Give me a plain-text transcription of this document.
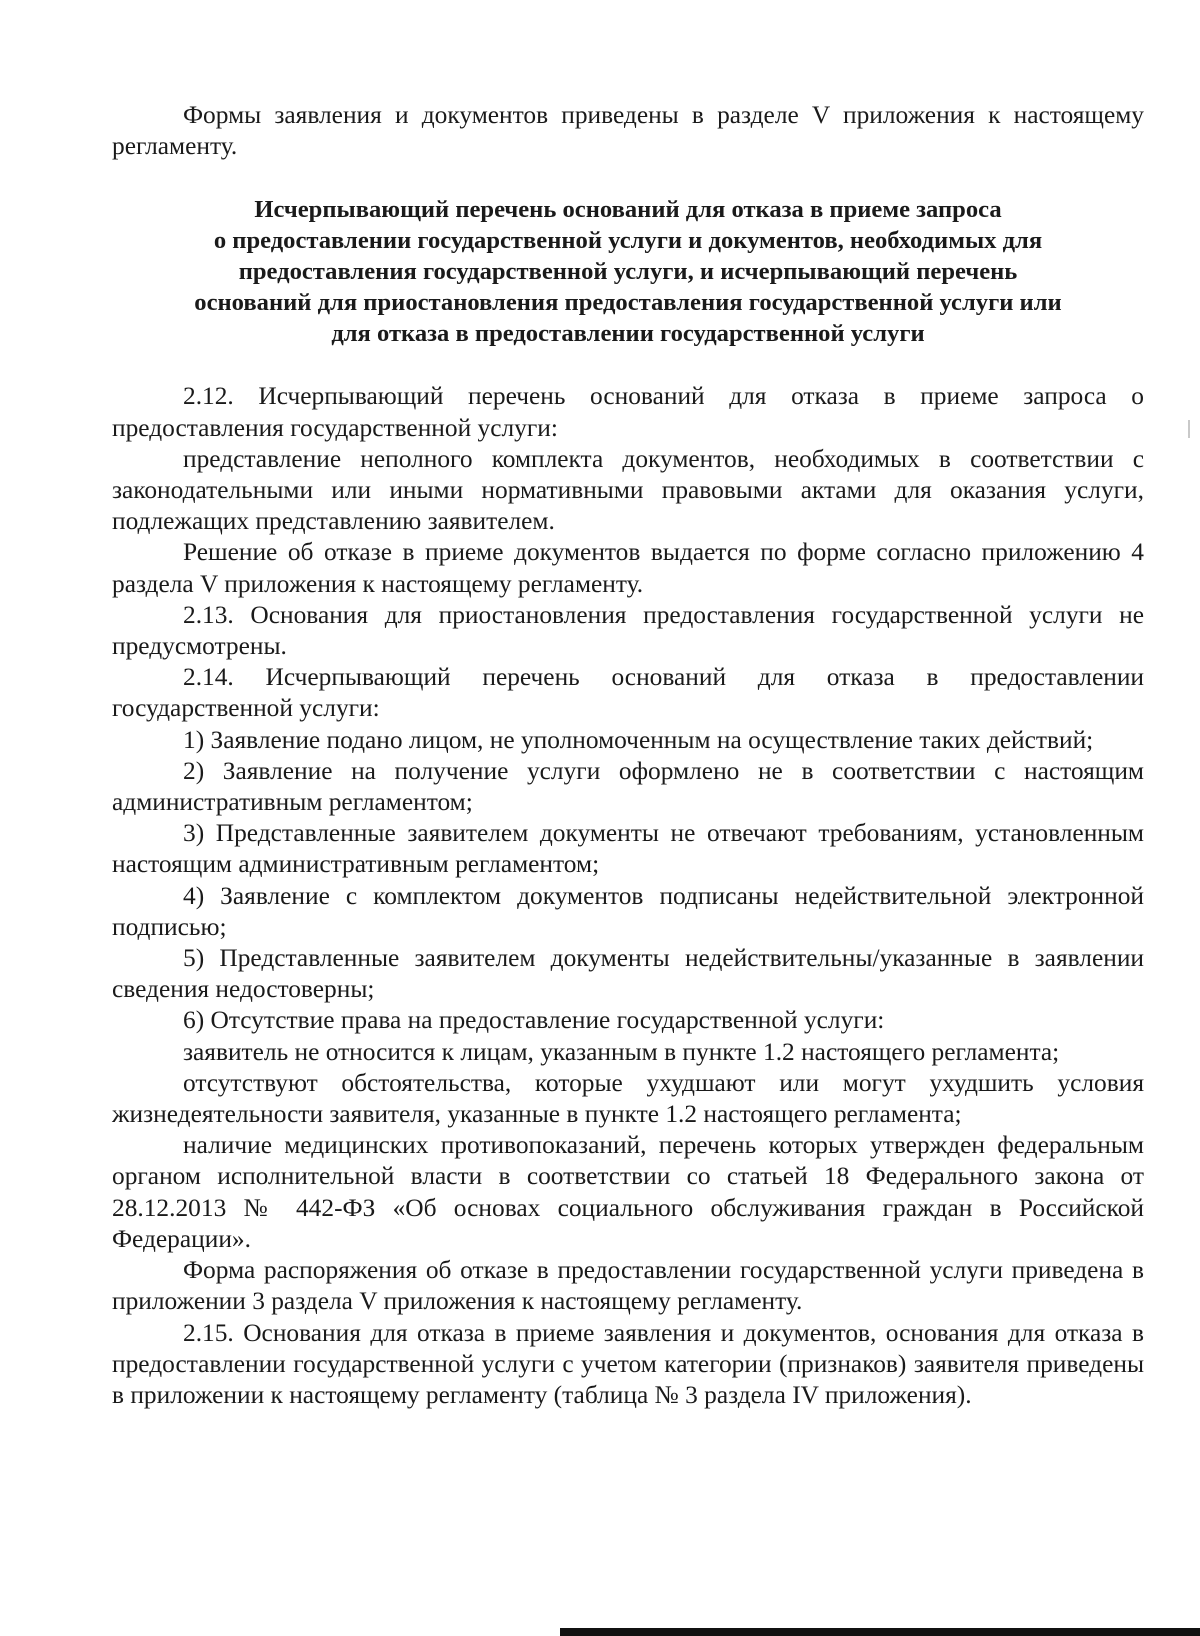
Формы заявления и документов приведены в разделе V приложения к настоящему регламенту.

Исчерпывающий перечень оснований для отказа в приеме запроса

о предоставлении государственной услуги и документов, необходимых для

предоставления государственной услуги, и исчерпывающий перечень

оснований для приостановления предоставления государственной услуги или

для отказа в предоставлении государственной услуги

2.12. Исчерпывающий перечень оснований для отказа в приеме запроса о предоставления государственной услуги:

представление неполного комплекта документов, необходимых в соответствии с законодательными или иными нормативными правовыми актами для оказания услуги, подлежащих представлению заявителем.

Решение об отказе в приеме документов выдается по форме согласно приложению 4 раздела V приложения к настоящему регламенту.

2.13. Основания для приостановления предоставления государственной услуги не предусмотрены.

2.14. Исчерпывающий перечень оснований для отказа в предоставлении государственной услуги:

1) Заявление подано лицом, не уполномоченным на осуществление таких действий;

2) Заявление на получение услуги оформлено не в соответствии с настоящим административным регламентом;

3) Представленные заявителем документы не отвечают требованиям, установленным настоящим административным регламентом;

4) Заявление с комплектом документов подписаны недействительной электронной подписью;

5) Представленные заявителем документы недействительны/указанные в заявлении сведения недостоверны;

6) Отсутствие права на предоставление государственной услуги:

заявитель не относится к лицам, указанным в пункте 1.2 настоящего регламента;

отсутствуют обстоятельства, которые ухудшают или могут ухудшить условия жизнедеятельности заявителя, указанные в пункте 1.2 настоящего регламента;

наличие медицинских противопоказаний, перечень которых утвержден федеральным органом исполнительной власти в соответствии со статьей 18 Федерального закона от 28.12.2013 № 442-ФЗ «Об основах социального обслуживания граждан в Российской Федерации».

Форма распоряжения об отказе в предоставлении государственной услуги приведена в приложении 3 раздела V приложения к настоящему регламенту.

2.15. Основания для отказа в приеме заявления и документов, основания для отказа в предоставлении государственной услуги с учетом категории (признаков) заявителя приведены в приложении к настоящему регламенту (таблица № 3 раздела IV приложения).
